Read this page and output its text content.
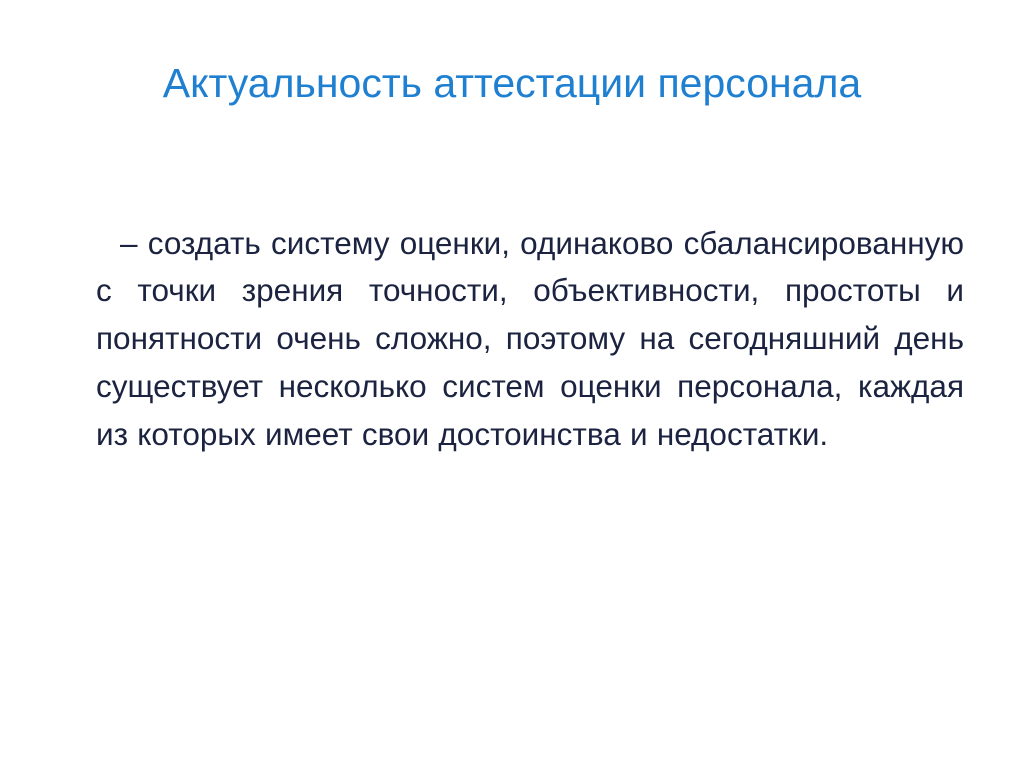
Актуальность аттестации персонала

– создать систему оценки, одинаково сбалансированную с точки зрения точности, объективности, простоты и понятности очень сложно, поэтому на сегодняшний день существует несколько систем оценки персонала, каждая из которых имеет свои достоинства и недостатки.
